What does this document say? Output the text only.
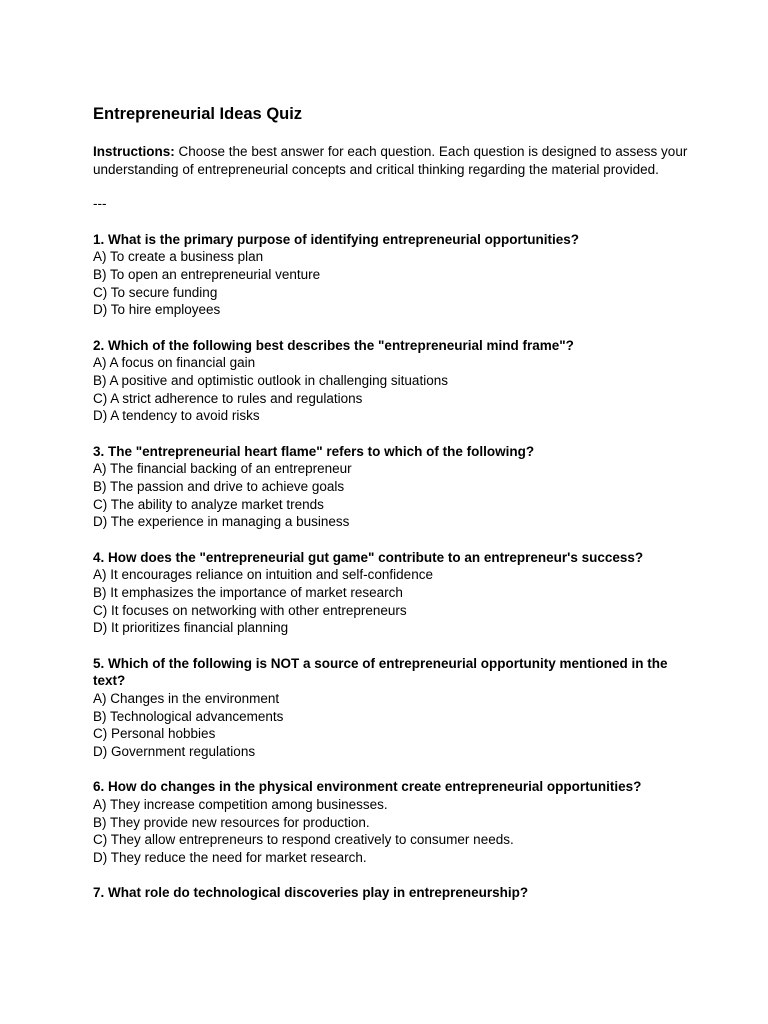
Entrepreneurial Ideas Quiz
Instructions: Choose the best answer for each question. Each question is designed to assess your understanding of entrepreneurial concepts and critical thinking regarding the material provided.
---
1. What is the primary purpose of identifying entrepreneurial opportunities?
A) To create a business plan
B) To open an entrepreneurial venture
C) To secure funding
D) To hire employees
2. Which of the following best describes the "entrepreneurial mind frame"?
A) A focus on financial gain
B) A positive and optimistic outlook in challenging situations
C) A strict adherence to rules and regulations
D) A tendency to avoid risks
3. The "entrepreneurial heart flame" refers to which of the following?
A) The financial backing of an entrepreneur
B) The passion and drive to achieve goals
C) The ability to analyze market trends
D) The experience in managing a business
4. How does the "entrepreneurial gut game" contribute to an entrepreneur's success?
A) It encourages reliance on intuition and self-confidence
B) It emphasizes the importance of market research
C) It focuses on networking with other entrepreneurs
D) It prioritizes financial planning
5. Which of the following is NOT a source of entrepreneurial opportunity mentioned in the text?
A) Changes in the environment
B) Technological advancements
C) Personal hobbies
D) Government regulations
6. How do changes in the physical environment create entrepreneurial opportunities?
A) They increase competition among businesses.
B) They provide new resources for production.
C) They allow entrepreneurs to respond creatively to consumer needs.
D) They reduce the need for market research.
7. What role do technological discoveries play in entrepreneurship?
